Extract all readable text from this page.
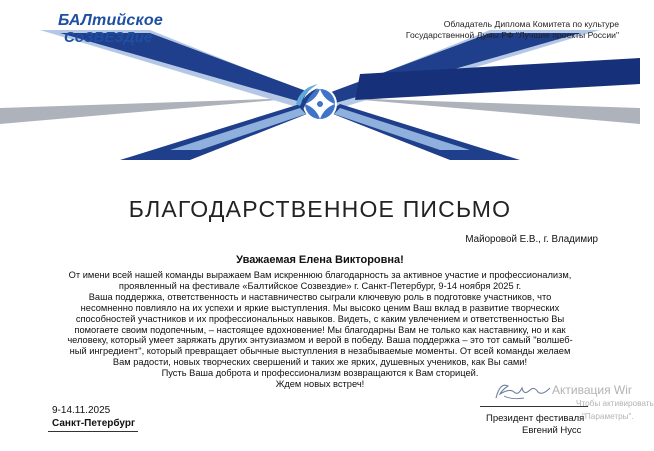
БАЛтийское
СоЗВЕЗДие
Обладатель Диплома Комитета по культуре
Государственной Думы РФ "Лучшие проекты России"
БЛАГОДАРСТВЕННОЕ ПИСЬМО
Майоровой Е.В., г. Владимир
Уважаемая Елена Викторовна!

От имени всей нашей команды выражаем Вам искреннюю благодарность за активное участие и профессионализм,

проявленный на фестивале «Балтийское Созвездие» г. Санкт-Петербург, 9-14 ноября 2025 г.

Ваша поддержка, ответственность и наставничество сыграли ключевую роль в подготовке участников, что

несомненно повлияло на их успехи и яркие выступления. Мы высоко ценим Ваш вклад в развитие творческих

способностей участников и их профессиональных навыков. Видеть, с каким увлечением и ответственностью Вы

помогаете своим подопечным, – настоящее вдохновение! Мы благодарны Вам не только как наставнику, но и как

человеку, который умеет заряжать других энтузиазмом и верой в победу. Ваша поддержка – это тот самый "волшеб-

ный ингредиент", который превращает обычные выступления в незабываемые моменты. От всей команды желаем

Вам радости, новых творческих свершений и таких же ярких, душевных учеников, как Вы сами!

Пусть Ваша доброта и профессионализм возвращаются к Вам сторицей.

Ждем новых встреч!

9-14.11.2025
Санкт-Петербург	Президент фестиваля
Евгений Нусс
Активация Wir
Чтобы активировать
"Параметры".
